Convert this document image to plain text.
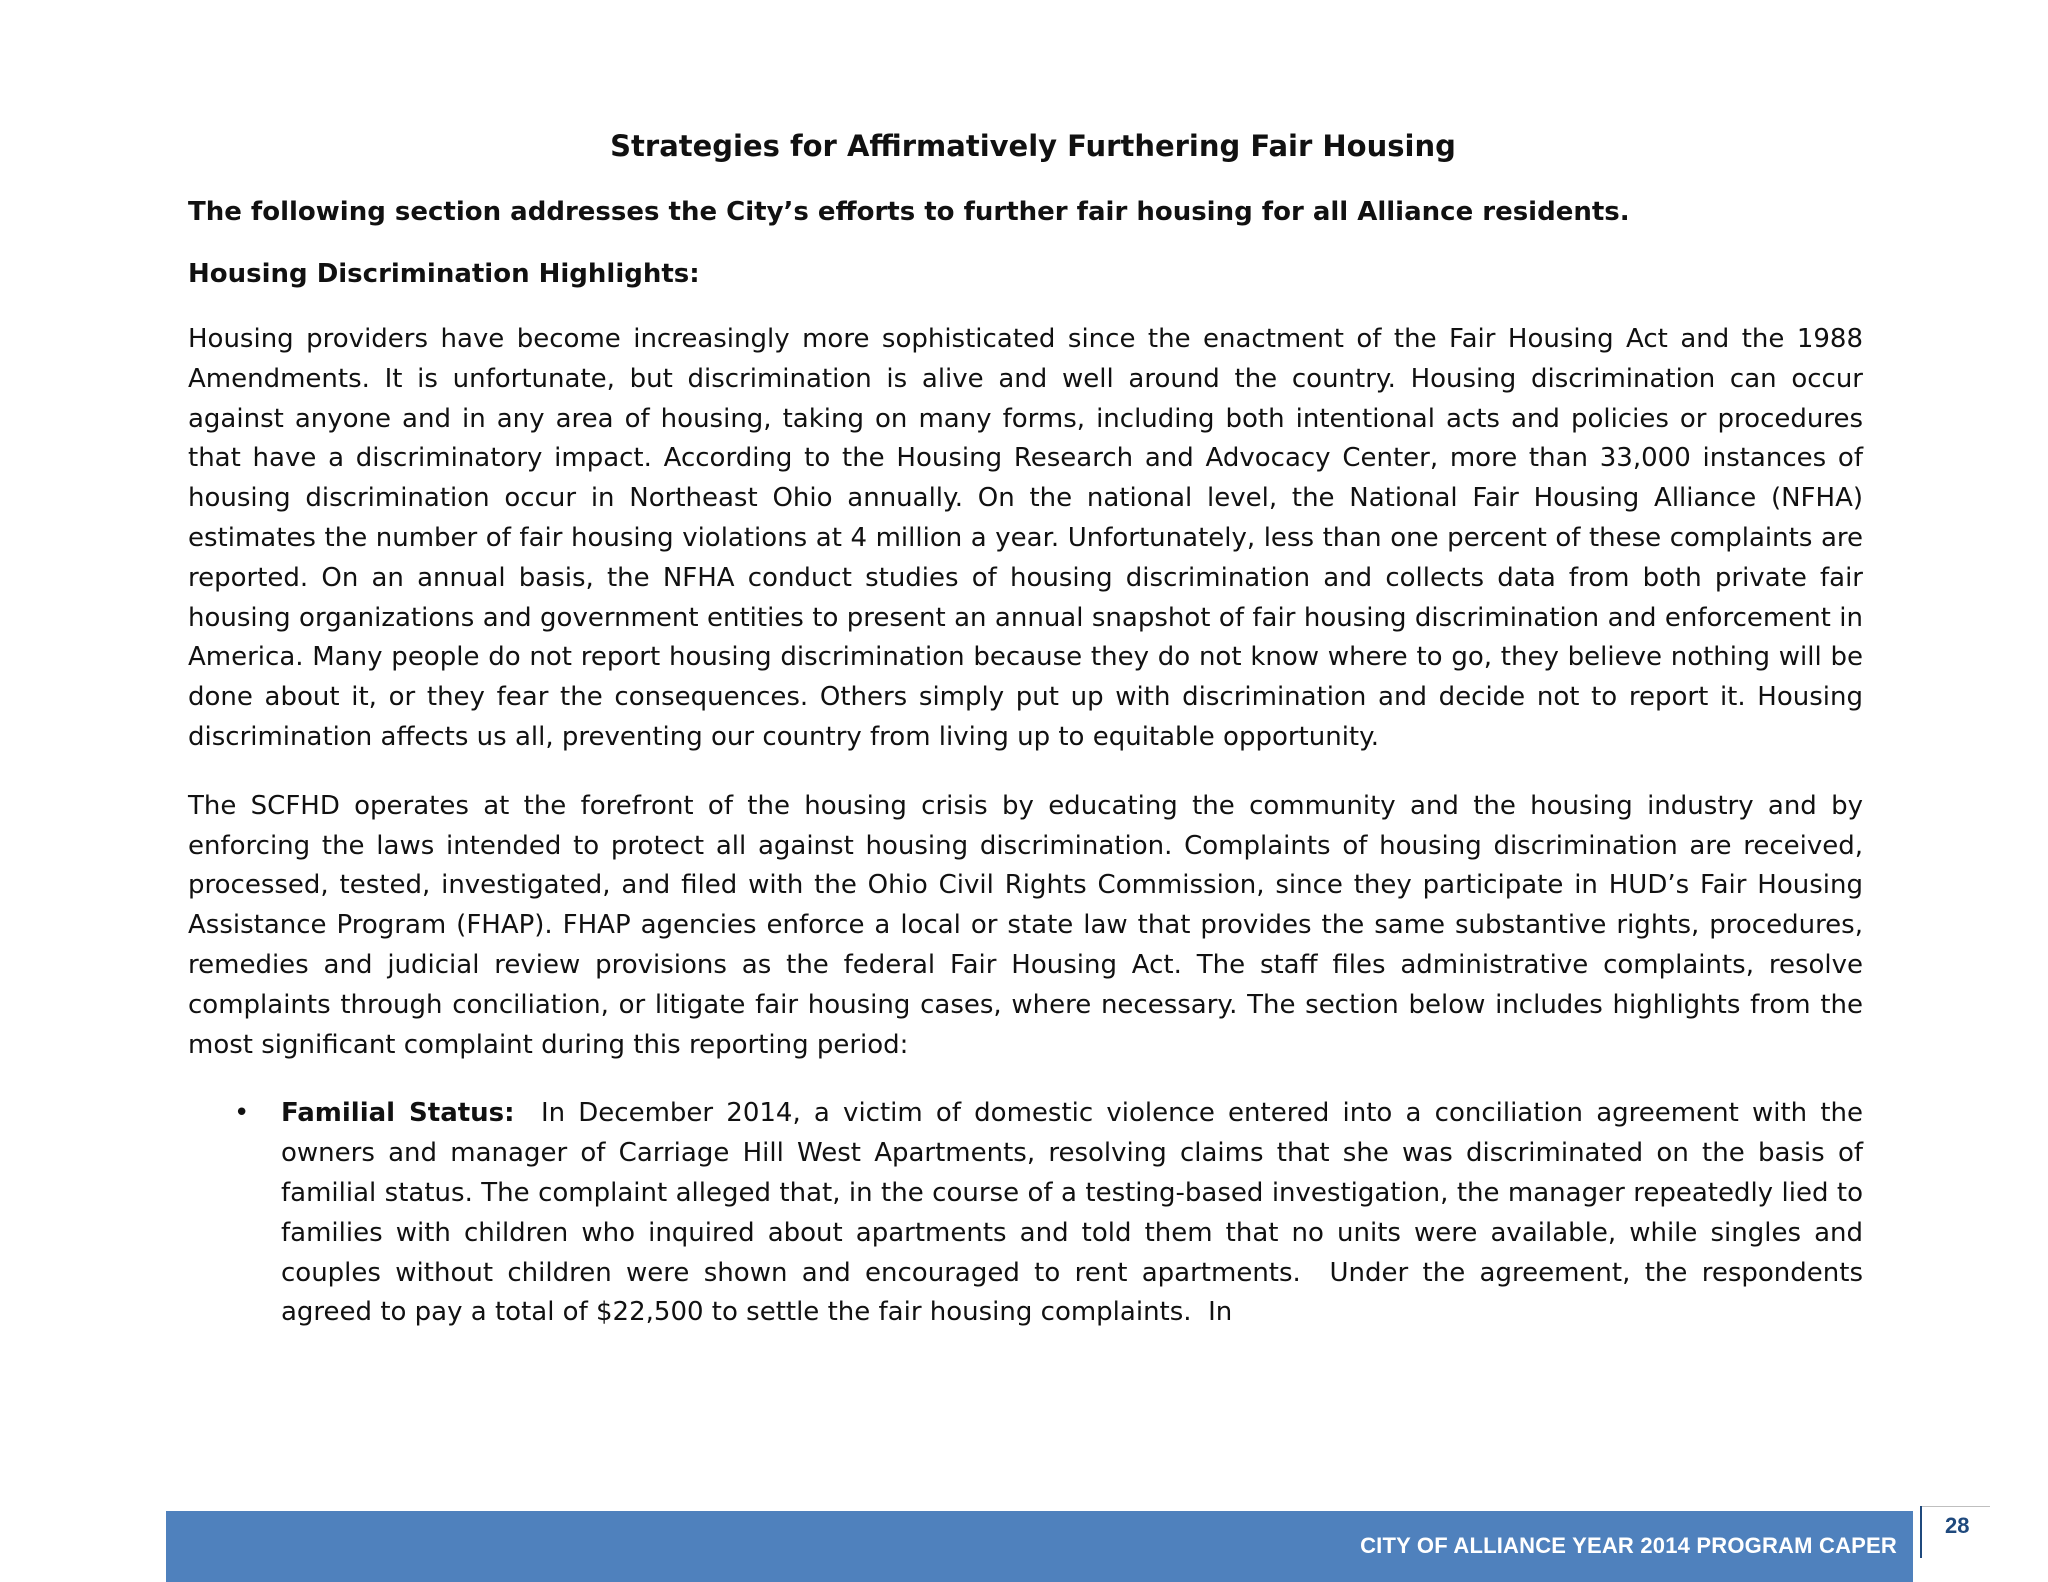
Strategies for Affirmatively Furthering Fair Housing

The following section addresses the City’s efforts to further fair housing for all Alliance residents.

Housing Discrimination Highlights:

Housing providers have become increasingly more sophisticated since the enactment of the Fair Housing Act and the 1988 Amendments. It is unfortunate, but discrimination is alive and well around the country. Housing discrimination can occur against anyone and in any area of housing, taking on many forms, including both intentional acts and policies or procedures that have a discriminatory impact. According to the Housing Research and Advocacy Center, more than 33,000 instances of housing discrimination occur in Northeast Ohio annually. On the national level, the National Fair Housing Alliance (NFHA) estimates the number of fair housing violations at 4 million a year. Unfortunately, less than one percent of these complaints are reported. On an annual basis, the NFHA conduct studies of housing discrimination and collects data from both private fair housing organizations and government entities to present an annual snapshot of fair housing discrimination and enforcement in America. Many people do not report housing discrimination because they do not know where to go, they believe nothing will be done about it, or they fear the consequences. Others simply put up with discrimination and decide not to report it. Housing discrimination affects us all, preventing our country from living up to equitable opportunity.

The SCFHD operates at the forefront of the housing crisis by educating the community and the housing industry and by enforcing the laws intended to protect all against housing discrimination. Complaints of housing discrimination are received, processed, tested, investigated, and filed with the Ohio Civil Rights Commission, since they participate in HUD’s Fair Housing Assistance Program (FHAP). FHAP agencies enforce a local or state law that provides the same substantive rights, procedures, remedies and judicial review provisions as the federal Fair Housing Act. The staff files administrative complaints, resolve complaints through conciliation, or litigate fair housing cases, where necessary. The section below includes highlights from the most significant complaint during this reporting period:

• Familial Status:  In December 2014, a victim of domestic violence entered into a conciliation agreement with the owners and manager of Carriage Hill West Apartments, resolving claims that she was discriminated on the basis of familial status. The complaint alleged that, in the course of a testing-based investigation, the manager repeatedly lied to families with children who inquired about apartments and told them that no units were available, while singles and couples without children were shown and encouraged to rent apartments.  Under the agreement, the respondents agreed to pay a total of $22,500 to settle the fair housing complaints.  In
CITY OF ALLIANCE YEAR 2014 PROGRAM CAPER
28
